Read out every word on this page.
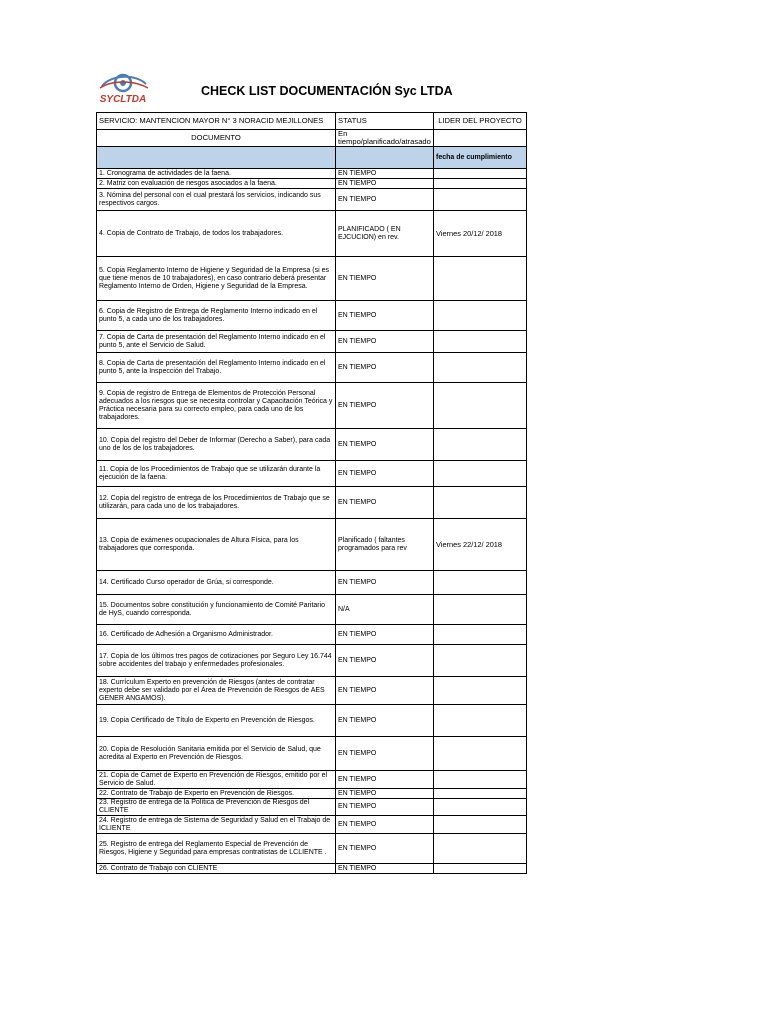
SYCLTDA
CHECK LIST DOCUMENTACIÓN Syc LTDA
SERVICIO: MANTENCION MAYOR N° 3 NORACID MEJILLONES	STATUS	LIDER DEL PROYECTO
DOCUMENTO	En tiempo/planificado/atrasado	
		fecha de cumplimiento
1. Cronograma de actividades de la faena.	EN TIEMPO	
2. Matriz con evaluación de riesgos asociados a la faena.	EN TIEMPO	
3. Nómina del personal con el cual prestará los servicios, indicando sus respectivos cargos.	EN TIEMPO	
4. Copia de Contrato de Trabajo, de todos los trabajadores.	PLANIFICADO ( EN EJCUCION) en rev.	Viernes 20/12/ 2018
5. Copia Reglamento Interno de Higiene y Seguridad de la Empresa (si es que tiene menos de 10 trabajadores), en caso contrario deberá presentar Reglamento Interno de Orden, Higiene y Seguridad de la Empresa.	EN TIEMPO	
6. Copia de Registro de Entrega de Reglamento Interno indicado en el punto 5, a cada uno de los trabajadores.	EN TIEMPO	
7. Copia de Carta de presentación del Reglamento Interno indicado en el punto 5, ante el Servicio de Salud.	EN TIEMPO	
8. Copia de Carta de presentación del Reglamento Interno indicado en el punto 5, ante la Inspección del Trabajo.	EN TIEMPO	
9. Copia de registro de Entrega de Elementos de Protección Personal adecuados a los riesgos que se necesita controlar y Capacitación Teórica y Práctica necesaria para su correcto empleo, para cada uno de los trabajadores.	EN TIEMPO	
10. Copia del registro del Deber de Informar (Derecho a Saber), para cada uno de los de los trabajadores.	EN TIEMPO	
11. Copia de los Procedimientos de Trabajo que se utilizarán durante la ejecución de la faena.	EN TIEMPO	
12. Copia del registro de entrega de los Procedimientos de Trabajo que se utilizarán, para cada uno de los trabajadores.	EN TIEMPO	
13. Copia de exámenes ocupacionales de Altura Física, para los trabajadores que corresponda.	Planificado ( faltantes programados para rev	Viernes 22/12/ 2018
14. Certificado Curso operador de Grúa, si corresponde.	EN TIEMPO	
15. Documentos sobre constitución y funcionamiento de Comité Paritario de HyS, cuando corresponda.	N/A	
16. Certificado de Adhesión a Organismo Administrador.	EN TIEMPO	
17. Copia de los últimos tres pagos de cotizaciones por Seguro Ley 16.744 sobre accidentes del trabajo y enfermedades profesionales.	EN TIEMPO	
18. Currículum Experto en prevención de Riesgos (antes de contratar experto debe ser validado por el Área de Prevención de Riesgos de AES GENER ANGAMOS).	EN TIEMPO	
19. Copia Certificado de Título de Experto en Prevención de Riesgos.	EN TIEMPO	
20. Copia de Resolución Sanitaria emitida por el Servicio de Salud, que acredita al Experto en Prevención de Riesgos.	EN TIEMPO	
21. Copia de Carnet de Experto en Prevención de Riesgos, emitido por el Servicio de Salud.	EN TIEMPO	
22. Contrato de Trabajo de Experto en Prevención de Riesgos.	EN TIEMPO	
23. Registro de entrega de la Política de Prevención de Riesgos del CLIENTE	EN TIEMPO	
24. Registro de entrega de Sistema de Seguridad y Salud en el Trabajo de ICLIENTE	EN TIEMPO	
25. Registro de entrega del Reglamento Especial de Prevención de Riesgos, Higiene y Seguridad para empresas contratistas de LCLIENTE .	EN TIEMPO	
26. Contrato de Trabajo con CLIENTE	EN TIEMPO	
